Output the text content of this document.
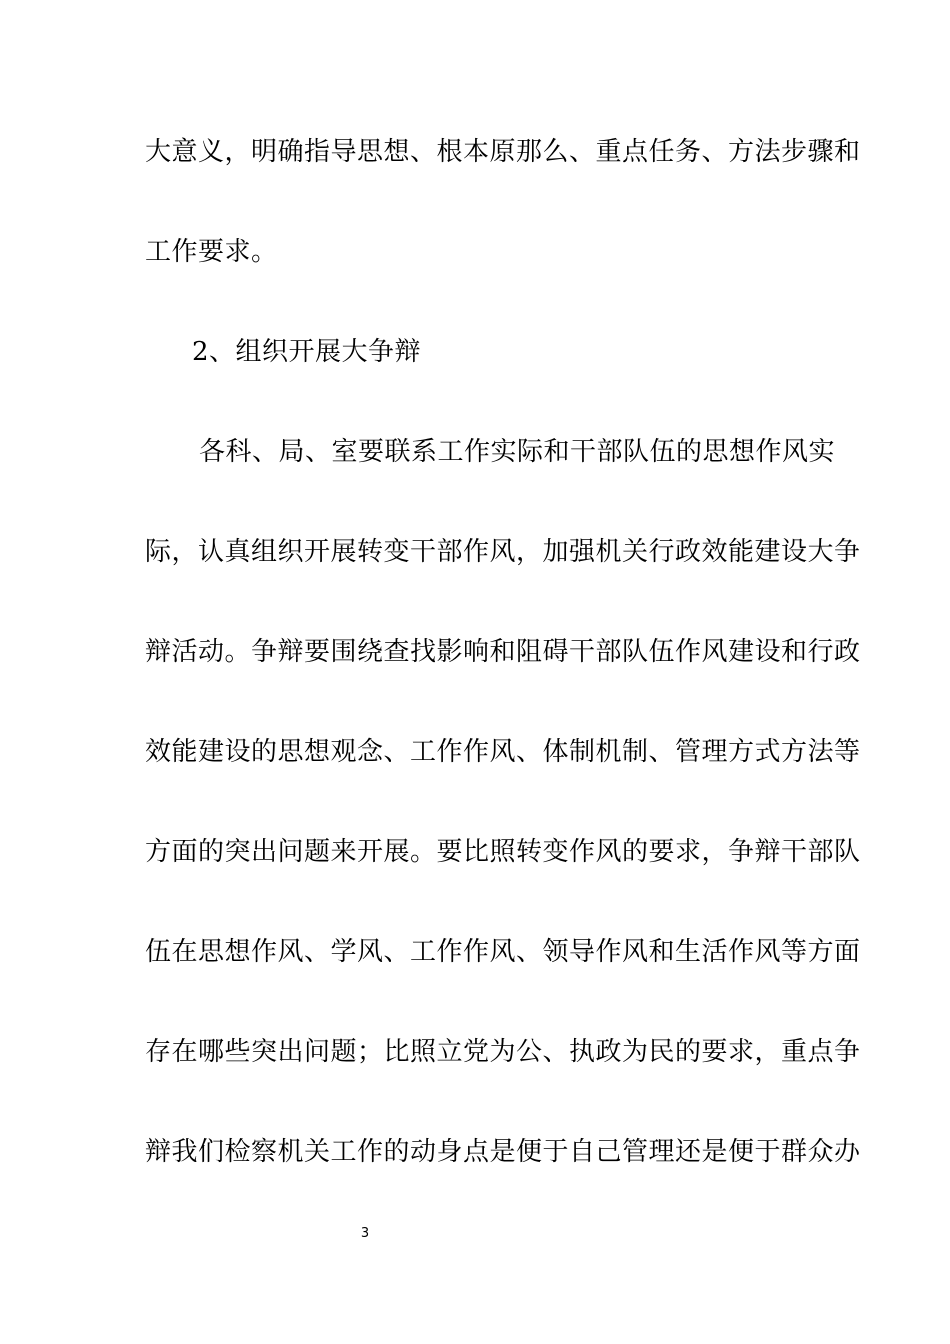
大意义，明确指导思想、根本原那么、重点任务、方法步骤和
工作要求。
2、组织开展大争辩
各科、局、室要联系工作实际和干部队伍的思想作风实
际，认真组织开展转变干部作风，加强机关行政效能建设大争
辩活动。争辩要围绕查找影响和阻碍干部队伍作风建设和行政
效能建设的思想观念、工作作风、体制机制、管理方式方法等
方面的突出问题来开展。要比照转变作风的要求，争辩干部队
伍在思想作风、学风、工作作风、领导作风和生活作风等方面
存在哪些突出问题；比照立党为公、执政为民的要求，重点争
辩我们检察机关工作的动身点是便于自己管理还是便于群众办
3
